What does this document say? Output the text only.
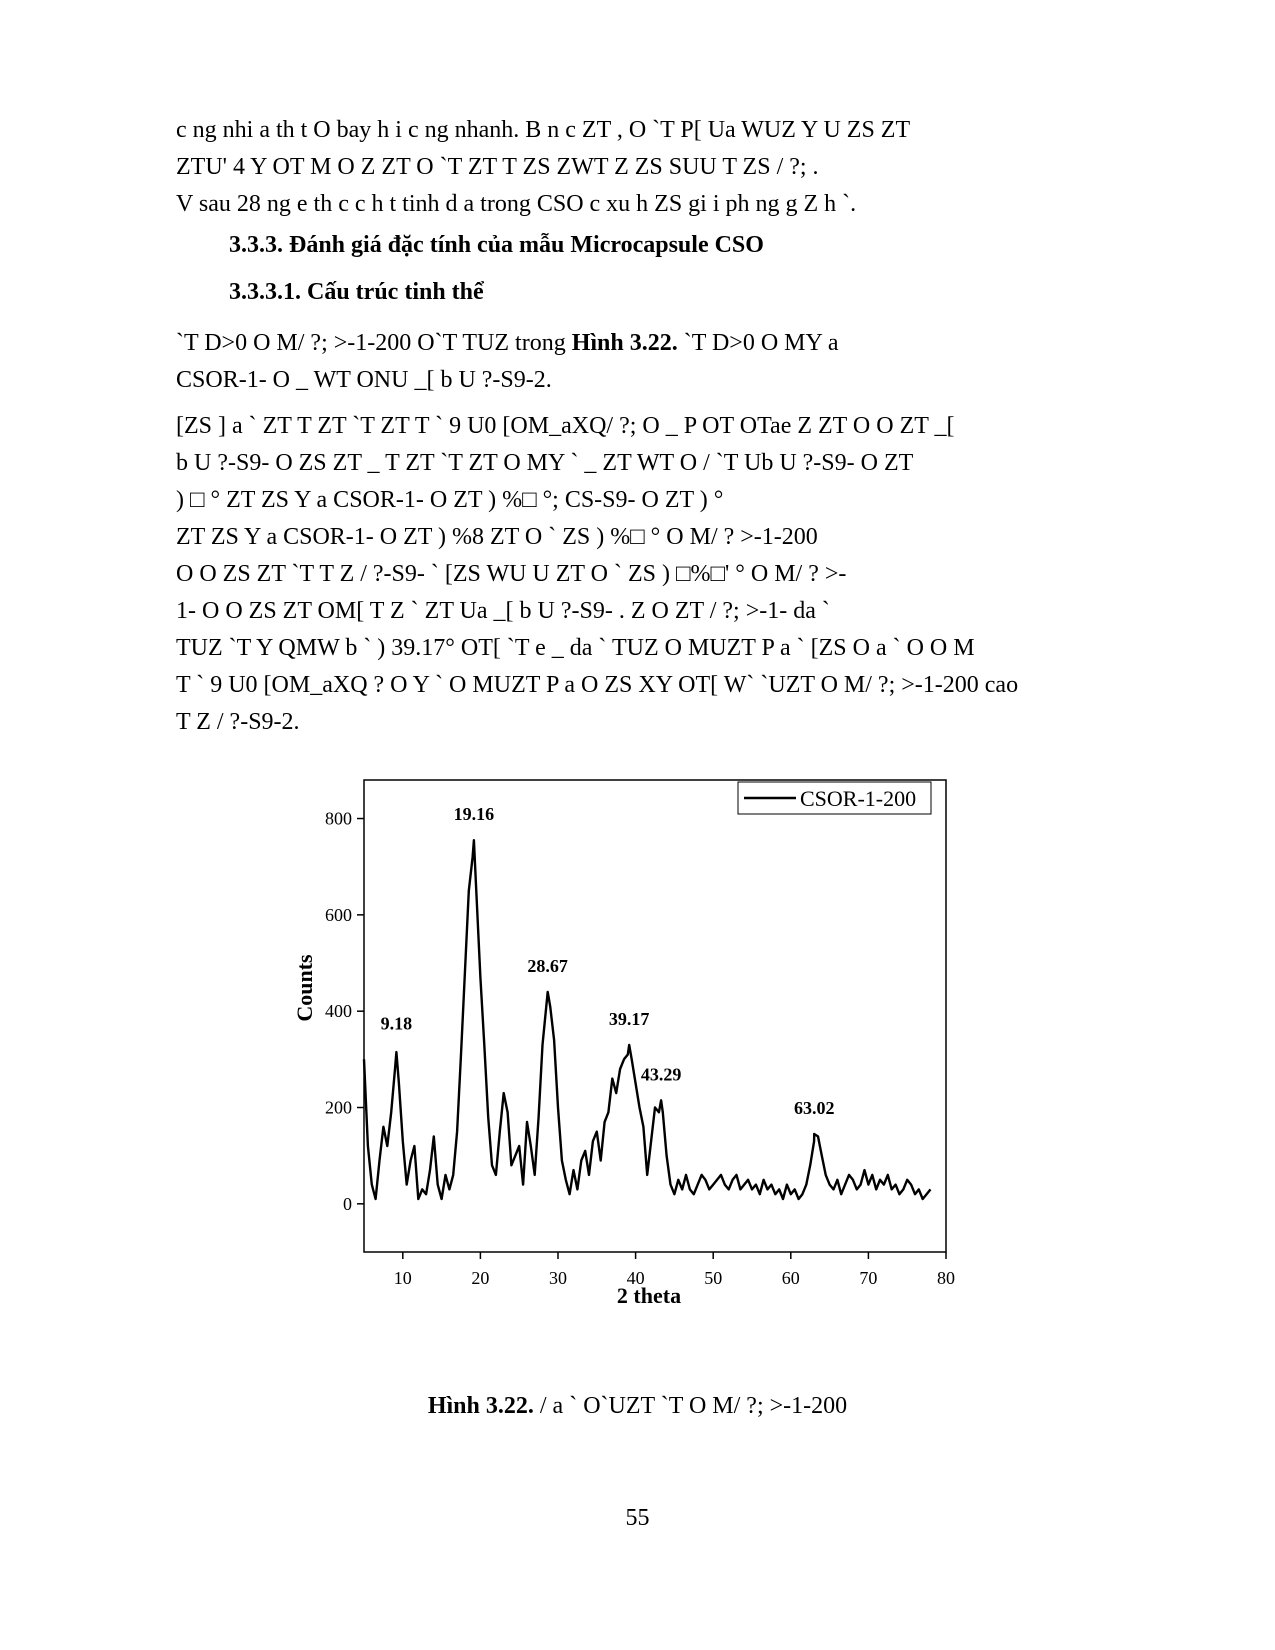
c ng nhi a th t O bay h i c ng nhanh. B n c ZT , O `T P[ Ua WUZ Y U ZS ZT
ZTU' 4 Y OT M O Z ZT O `T ZT T ZS ZWT Z ZS SUU T ZS / ?; .
V sau 28 ng e th c c h t tinh d a trong CSO c xu h ZS gi i ph ng g Z h `.

3.3.3. Đánh giá đặc tính của mẫu Microcapsule CSO
3.3.3.1. Cấu trúc tinh thể

`T D>0 O M/ ?; >-1-200 O`T TUZ trong Hình 3.22. `T D>0 O MY a
CSOR-1- O _ WT ONU _[ b U ?-S9-2.

[ZS ] a ` ZT T ZT `T ZT T ` 9 U0 [OM_aXQ/ ?; O _ P OT OTae Z ZT O O ZT _[
b U ?-S9- O ZS ZT _ T ZT `T ZT O MY ` _ ZT WT O / `T Ub U ?-S9- O ZT
) □ ° ZT ZS Y a CSOR-1- O ZT ) %□ °; CS-S9- O ZT ) °
ZT ZS Y a CSOR-1- O ZT ) %8 ZT O ` ZS ) %□ ° O M/ ? >-1-200
O O ZS ZT `T T Z / ?-S9- ` [ZS WU U ZT O ` ZS ) □%□' ° O M/ ? >-
1- O O ZS ZT OM[ T Z ` ZT Ua _[ b U ?-S9- . Z O ZT / ?; >-1- da `
TUZ `T Y QMW b ` ) 39.17° OT[ `T e _ da ` TUZ O MUZT P a ` [ZS O a ` O O M
T ` 9 U0 [OM_aXQ ? O Y ` O MUZT P a O ZS XY OT[ W` `UZT O M/ ?; >-1-200 cao
T Z / ?-S9-2.

0
200
400
600
800
10	20	30	40	50	60	70	80
9.18
19.16
28.67
39.17
43.29
63.02
CSOR-1-200
2 theta
Counts
Hình 3.22. / a ` O`UZT `T O M/ ?; >-1-200
55
